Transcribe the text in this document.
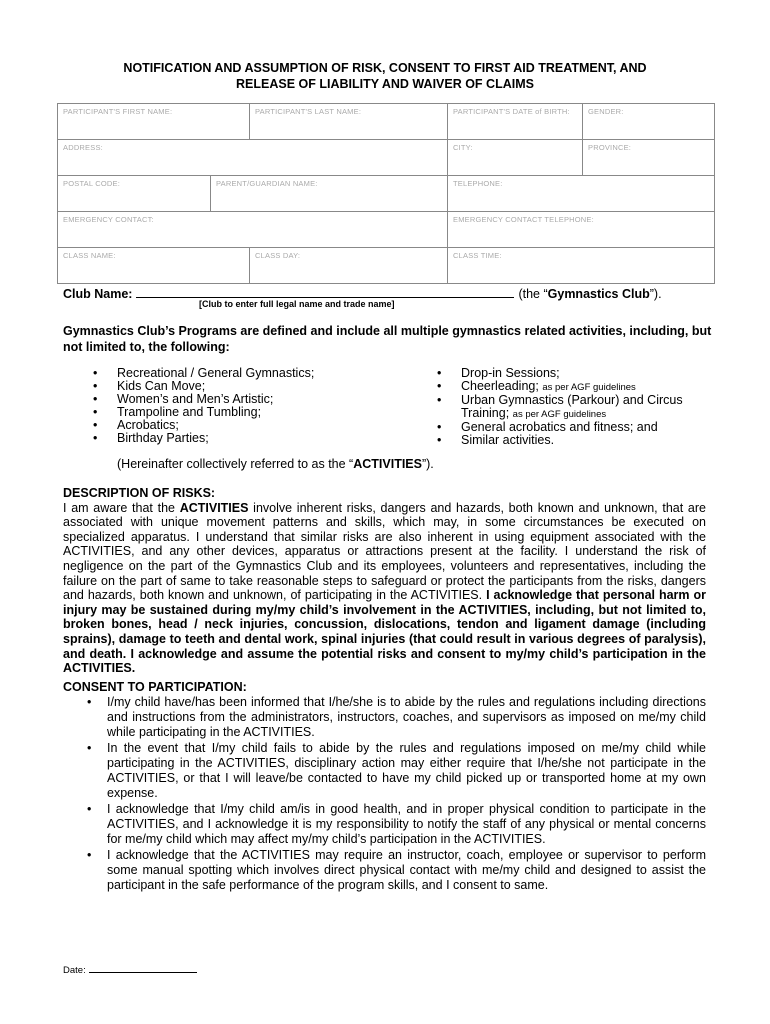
NOTIFICATION AND ASSUMPTION OF RISK, CONSENT TO FIRST AID TREATMENT, AND
RELEASE OF LIABILITY AND WAIVER OF CLAIMS
PARTICIPANT'S FIRST NAME:		PARTICIPANT'S LAST NAME:	PARTICIPANT'S DATE of BIRTH:	GENDER:
ADDRESS:			CITY:	PROVINCE:
POSTAL CODE:	PARENT/GUARDIAN NAME:		TELEPHONE:	
EMERGENCY CONTACT:			EMERGENCY CONTACT TELEPHONE:	
CLASS NAME:		CLASS DAY:	CLASS TIME:	
Club Name:	(the “Gymnastics Club”).
[Club to enter full legal name and trade name]
Gymnastics Club’s Programs are defined and include all multiple gymnastics related activities, including, but not limited to, the following:
• Recreational / General Gymnastics;
• Kids Can Move;
• Women’s and Men’s Artistic;
• Trampoline and Tumbling;
• Acrobatics;
• Birthday Parties;
• Drop-in Sessions;
• Cheerleading; as per AGF guidelines
• Urban Gymnastics (Parkour) and Circus
Training; as per AGF guidelines
• General acrobatics and fitness; and
• Similar activities.
(Hereinafter collectively referred to as the “ACTIVITIES”).
DESCRIPTION OF RISKS:
I am aware that the ACTIVITIES involve inherent risks, dangers and hazards, both known and unknown, that are associated with unique movement patterns and skills, which may, in some circumstances be executed on specialized apparatus. I understand that similar risks are also inherent in using equipment associated with the ACTIVITIES, and any other devices, apparatus or attractions present at the facility. I understand the risk of negligence on the part of the Gymnastics Club and its employees, volunteers and representatives, including the failure on the part of same to take reasonable steps to safeguard or protect the participants from the risks, dangers and hazards, both known and unknown, of participating in the ACTIVITIES. I acknowledge that personal harm or injury may be sustained during my/my child’s involvement in the ACTIVITIES, including, but not limited to, broken bones, head / neck injuries, concussion, dislocations, tendon and ligament damage (including sprains), damage to teeth and dental work, spinal injuries (that could result in various degrees of paralysis), and death. I acknowledge and assume the potential risks and consent to my/my child’s participation in the ACTIVITIES.
CONSENT TO PARTICIPATION:
• I/my child have/has been informed that I/he/she is to abide by the rules and regulations including directions and instructions from the administrators, instructors, coaches, and supervisors as imposed on me/my child while participating in the ACTIVITIES.
• In the event that I/my child fails to abide by the rules and regulations imposed on me/my child while participating in the ACTIVITIES, disciplinary action may either require that I/he/she not participate in the ACTIVITIES, or that I will leave/be contacted to have my child picked up or transported home at my own expense.
• I acknowledge that I/my child am/is in good health, and in proper physical condition to participate in the ACTIVITIES, and I acknowledge it is my responsibility to notify the staff of any physical or mental concerns for me/my child which may affect my/my child’s participation in the ACTIVITIES.
• I acknowledge that the ACTIVITIES may require an instructor, coach, employee or supervisor to perform some manual spotting which involves direct physical contact with me/my child and designed to assist the participant in the safe performance of the program skills, and I consent to same.
Date:
